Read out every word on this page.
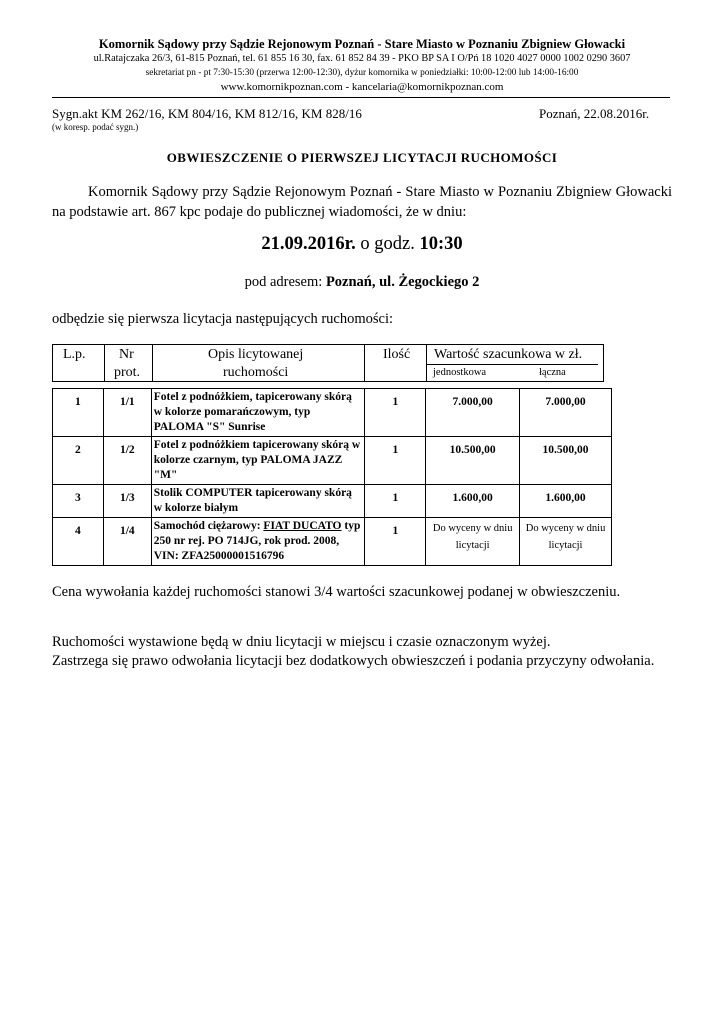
Komornik Sądowy przy Sądzie Rejonowym Poznań - Stare Miasto w Poznaniu Zbigniew Głowacki
ul.Ratajczaka 26/3, 61-815 Poznań, tel. 61 855 16 30, fax. 61 852 84 39 - PKO BP SA I O/Pń 18 1020 4027 0000 1002 0290 3607
sekretariat pn - pt 7:30-15:30 (przerwa 12:00-12:30), dyżur komornika w poniedziałki: 10:00-12:00 lub 14:00-16:00
www.komornikpoznan.com - kancelaria@komornikpoznan.com
Sygn.akt KM 262/16, KM 804/16, KM 812/16, KM 828/16
(w koresp. podać sygn.)
Poznań, 22.08.2016r.
OBWIESZCZENIE O PIERWSZEJ LICYTACJI RUCHOMOŚCI

Komornik Sądowy przy Sądzie Rejonowym Poznań - Stare Miasto w Poznaniu Zbigniew Głowacki na podstawie art. 867 kpc podaje do publicznej wiadomości, że w dniu:

21.09.2016r. o godz. 10:30
pod adresem: Poznań, ul. Żegockiego 2
odbędzie się pierwsza licytacja następujących ruchomości:
L.p. Nr
prot.
Opis licytowanej
ruchomości
Ilość Wartość szacunkowa w zł.
jednostkowa	łączna
1	1/1	Fotel z podnóżkiem, tapicerowany skórą w kolorze pomarańczowym, typ PALOMA "S" Sunrise	1	7.000,00	7.000,00
2	1/2	Fotel z podnóżkiem tapicerowany skórą w kolorze czarnym, typ PALOMA JAZZ "M"	1	10.500,00	10.500,00
3	1/3	Stolik COMPUTER tapicerowany skórą w kolorze białym	1	1.600,00	1.600,00
4	1/4	Samochód ciężarowy: FIAT DUCATO typ 250 nr rej. PO 714JG, rok prod. 2008, VIN: ZFA25000001516796	1	Do wyceny w dniu licytacji	Do wyceny w dniu licytacji
Cena wywołania każdej ruchomości stanowi 3/4 wartości szacunkowej podanej w obwieszczeniu.
Ruchomości wystawione będą w dniu licytacji w miejscu i czasie oznaczonym wyżej.
Zastrzega się prawo odwołania licytacji bez dodatkowych obwieszczeń i podania przyczyny odwołania.
